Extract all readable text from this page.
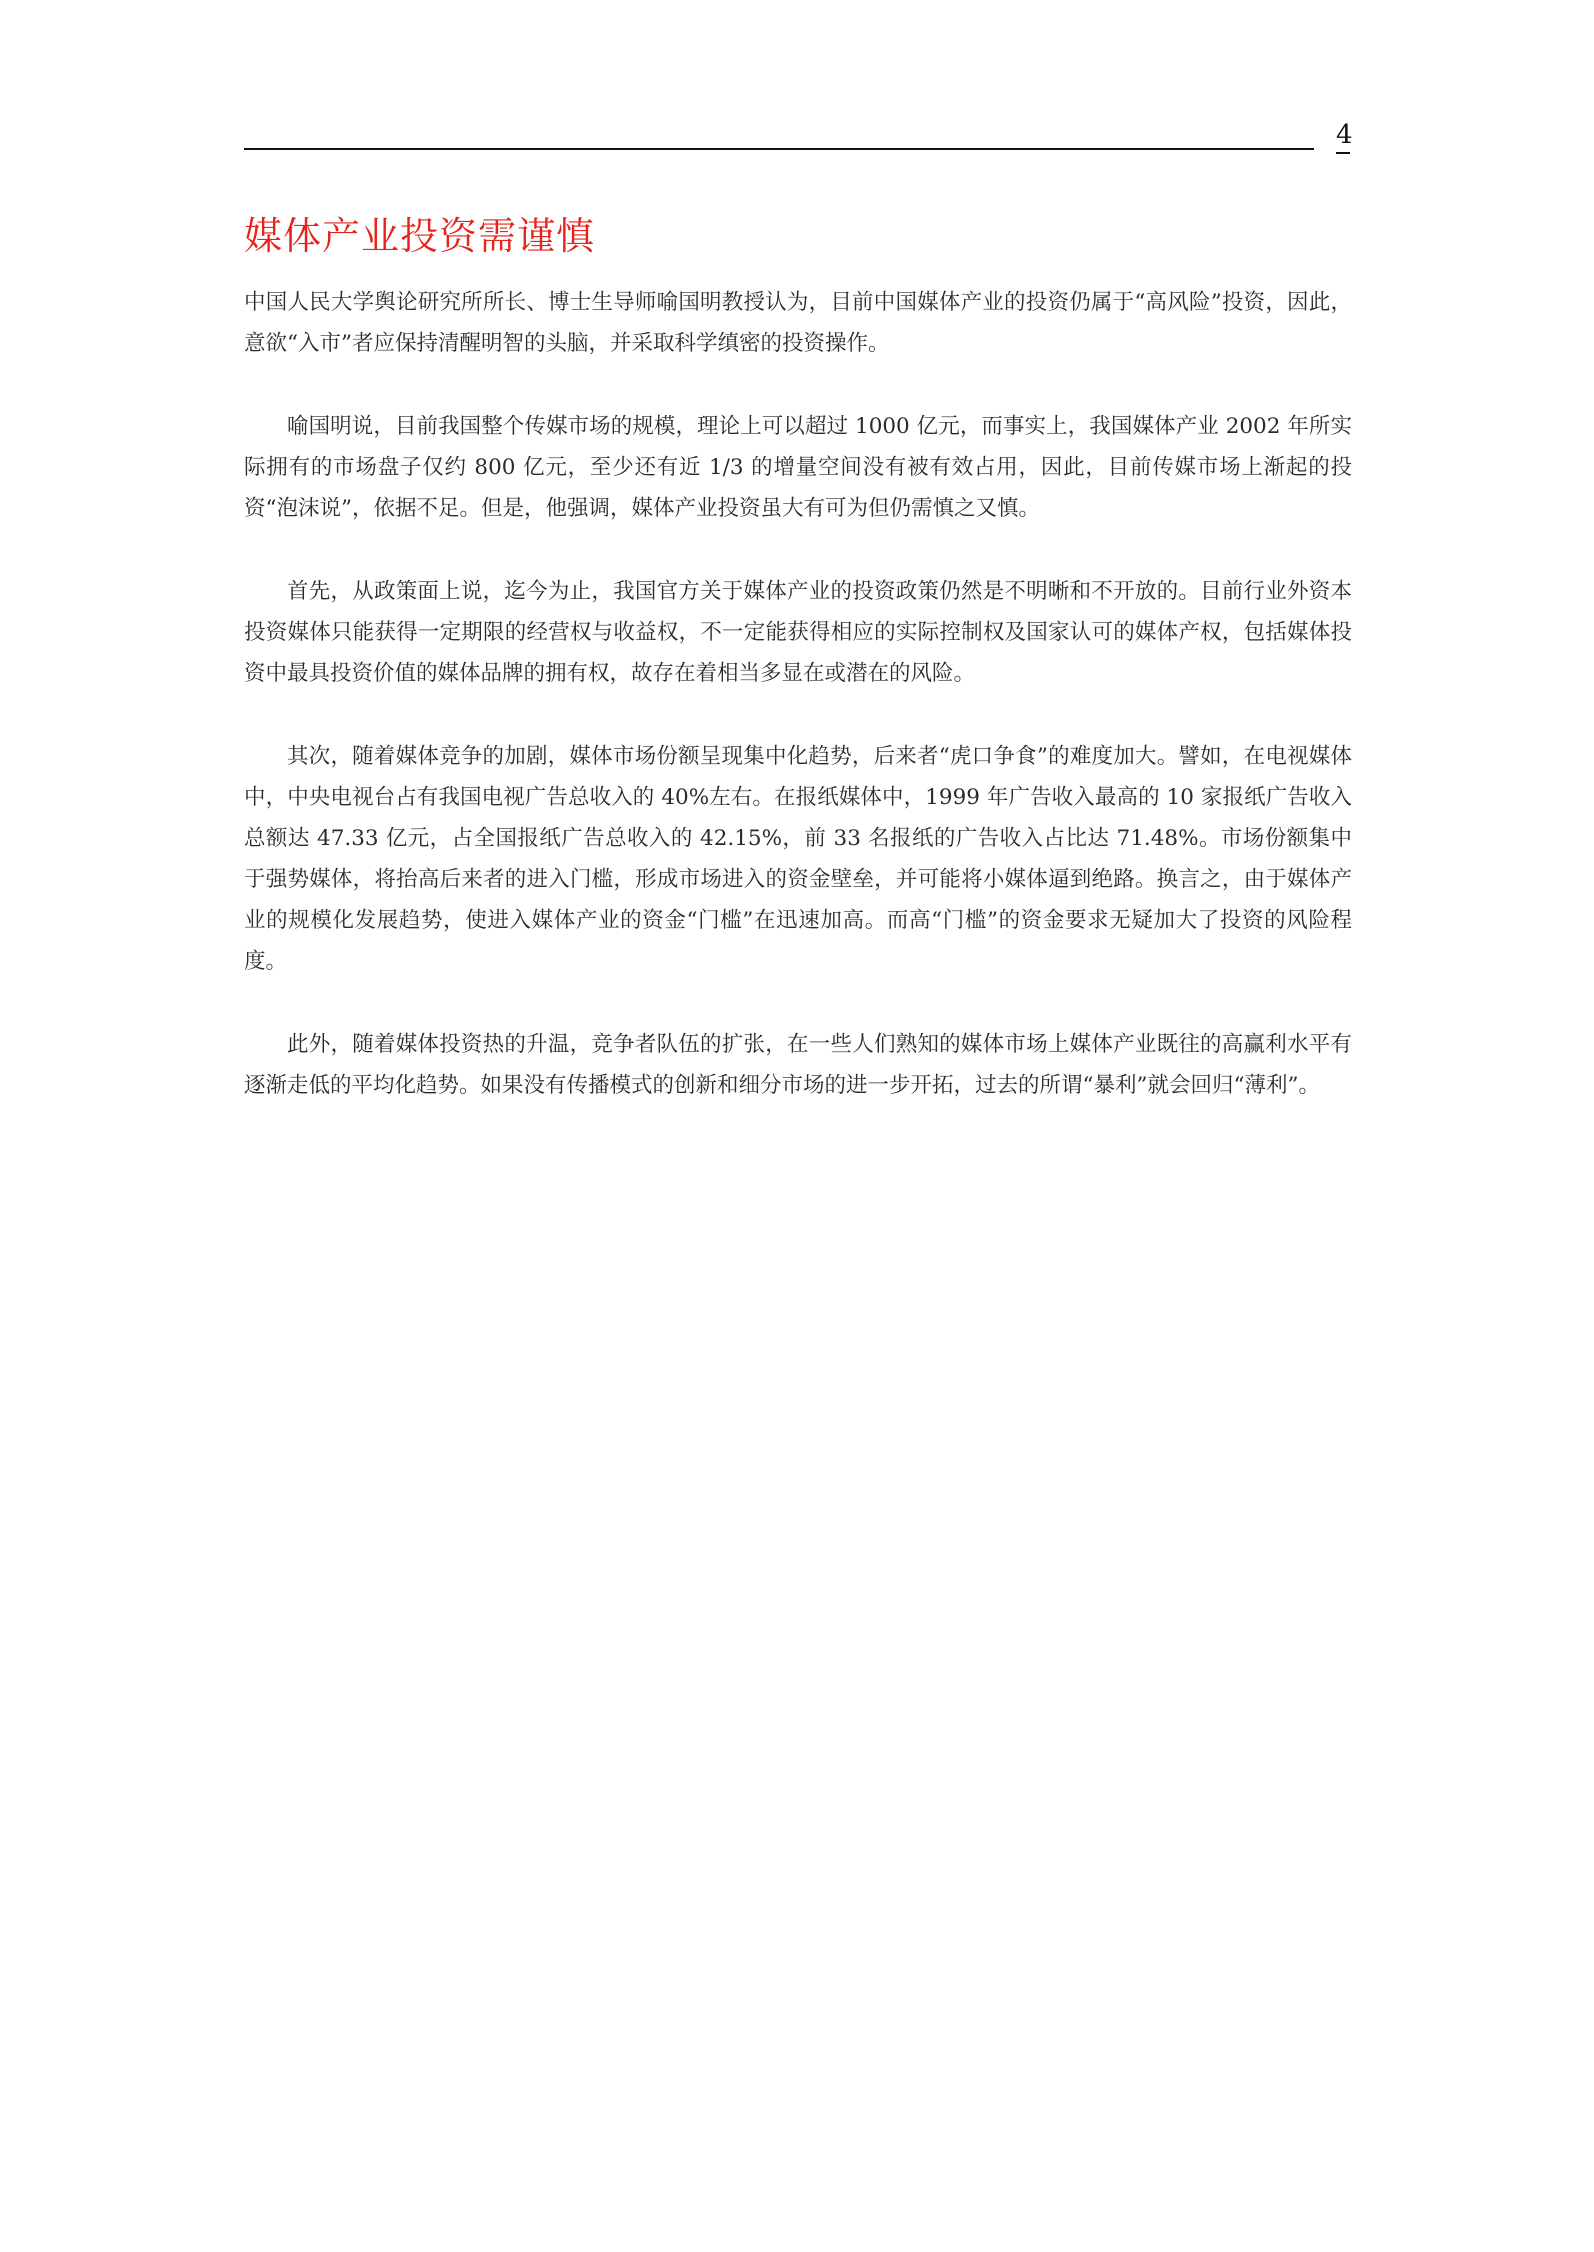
4
媒体产业投资需谨慎

中国人民大学舆论研究所所长、博士生导师喻国明教授认为，目前中国媒体产业的投资仍属于“高风险”投资，因此，意欲“入市”者应保持清醒明智的头脑，并采取科学缜密的投资操作。

喻国明说，目前我国整个传媒市场的规模，理论上可以超过 1000 亿元，而事实上，我国媒体产业 2002 年所实际拥有的市场盘子仅约 800 亿元，至少还有近 1/3 的增量空间没有被有效占用，因此，目前传媒市场上渐起的投资“泡沫说”，依据不足。但是，他强调，媒体产业投资虽大有可为但仍需慎之又慎。

首先，从政策面上说，迄今为止，我国官方关于媒体产业的投资政策仍然是不明晰和不开放的。目前行业外资本投资媒体只能获得一定期限的经营权与收益权，不一定能获得相应的实际控制权及国家认可的媒体产权，包括媒体投资中最具投资价值的媒体品牌的拥有权，故存在着相当多显在或潜在的风险。

其次，随着媒体竞争的加剧，媒体市场份额呈现集中化趋势，后来者“虎口争食”的难度加大。譬如，在电视媒体中，中央电视台占有我国电视广告总收入的 40%左右。在报纸媒体中，1999 年广告收入最高的 10 家报纸广告收入总额达 47.33 亿元，占全国报纸广告总收入的 42.15%，前 33 名报纸的广告收入占比达 71.48%。市场份额集中于强势媒体，将抬高后来者的进入门槛，形成市场进入的资金壁垒，并可能将小媒体逼到绝路。换言之，由于媒体产业的规模化发展趋势，使进入媒体产业的资金“门槛”在迅速加高。而高“门槛”的资金要求无疑加大了投资的风险程度。

此外，随着媒体投资热的升温，竞争者队伍的扩张，在一些人们熟知的媒体市场上媒体产业既往的高赢利水平有逐渐走低的平均化趋势。如果没有传播模式的创新和细分市场的进一步开拓，过去的所谓“暴利”就会回归“薄利”。
